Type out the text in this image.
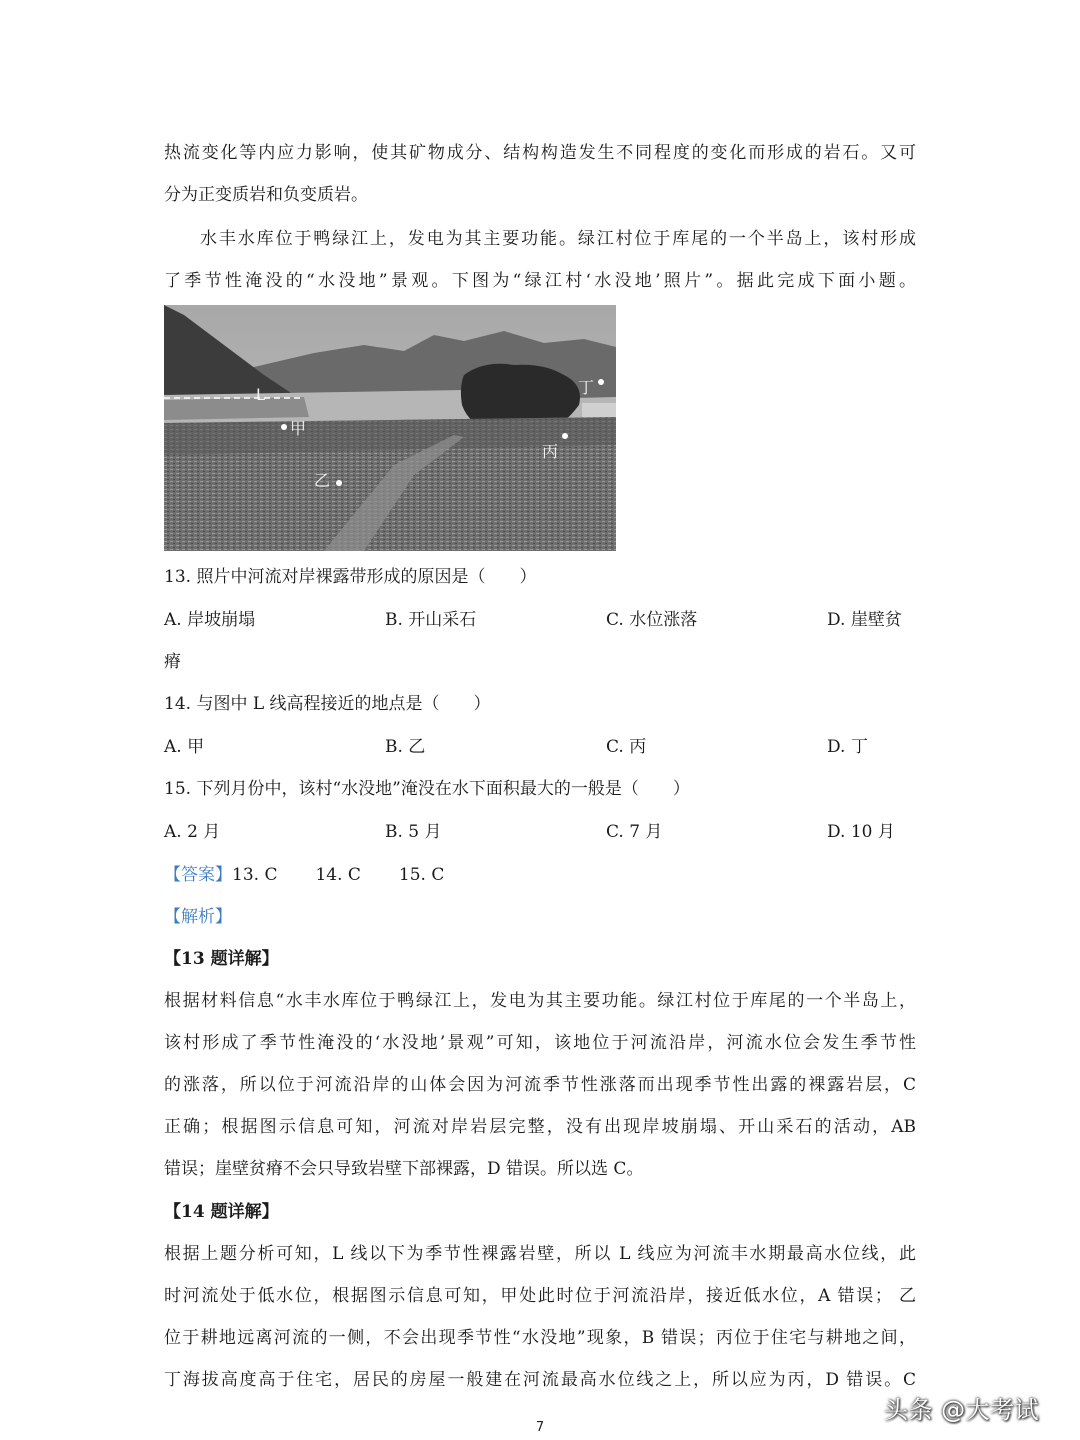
热流变化等内应力影响，使其矿物成分、结构构造发生不同程度的变化而形成的岩石。又可
分为正变质岩和负变质岩。
水丰水库位于鸭绿江上，发电为其主要功能。绿江村位于库尾的一个半岛上，该村形成
了季节性淹没的“水没地”景观。下图为“绿江村‘水没地’照片”。据此完成下面小题。
L
甲
乙
丙
丁
13. 照片中河流对岸裸露带形成的原因是（　　）
A. 岸坡崩塌	B. 开山采石	C. 水位涨落	D. 崖壁贫
瘠
14. 与图中 L 线高程接近的地点是（　　）
A. 甲	B. 乙	C. 丙	D. 丁
15. 下列月份中，该村“水没地”淹没在水下面积最大的一般是（　　）
A. 2 月	B. 5 月	C. 7 月	D. 10 月
【答案】13. C 14. C 15. C
【解析】
【13 题详解】
根据材料信息“水丰水库位于鸭绿江上，发电为其主要功能。绿江村位于库尾的一个半岛上，
该村形成了季节性淹没的‘水没地’景观”可知，该地位于河流沿岸，河流水位会发生季节性
的涨落，所以位于河流沿岸的山体会因为河流季节性涨落而出现季节性出露的裸露岩层，C
正确；根据图示信息可知，河流对岸岩层完整，没有出现岸坡崩塌、开山采石的活动，AB
错误；崖壁贫瘠不会只导致岩壁下部裸露，D 错误。所以选 C。
【14 题详解】
根据上题分析可知，L 线以下为季节性裸露岩壁，所以 L 线应为河流丰水期最高水位线，此
时河流处于低水位，根据图示信息可知，甲处此时位于河流沿岸，接近低水位，A 错误； 乙
位于耕地远离河流的一侧，不会出现季节性“水没地”现象，B 错误；丙位于住宅与耕地之间，
丁海拔高度高于住宅，居民的房屋一般建在河流最高水位线之上，所以应为丙，D 错误。C
头条 @大考试
7
